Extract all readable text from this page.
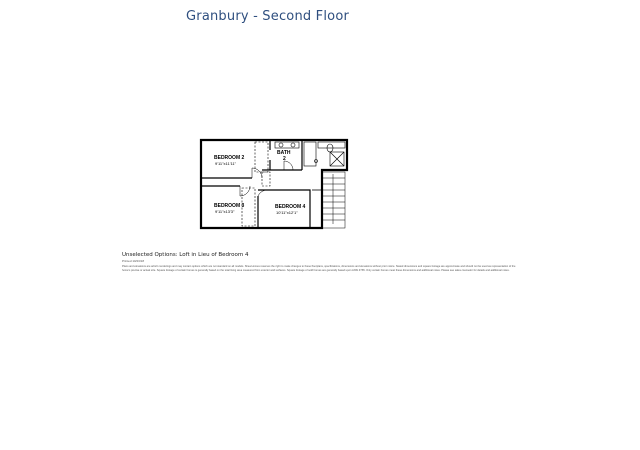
Granbury - Second Floor
BEDROOM 2
9'11"x11'11"
BATH
2
BEDROOM 3
9'11"x13'3"
BEDROOM 4
10'11"x12'1"
Unselected Options: Loft in Lieu of Bedroom 4
Printed 10/23/18
Plans and elevations are artist's renderings and may contain options which are not standard on all models. Shea Homes reserves the right to make changes to these floorplans, specifications, dimensions and elevations without prior notice. Stated dimensions and square footage are approximate and should not be used as representation of the home's precise or actual size. Square footage of certain homes is generally based on the total living area measured from exterior wall surfaces. Square footage of sold homes are generally based upon ANSI Z765. Only certain homes meet these dimensions and additional notes. Please see sales counselor for details and additional notes.
